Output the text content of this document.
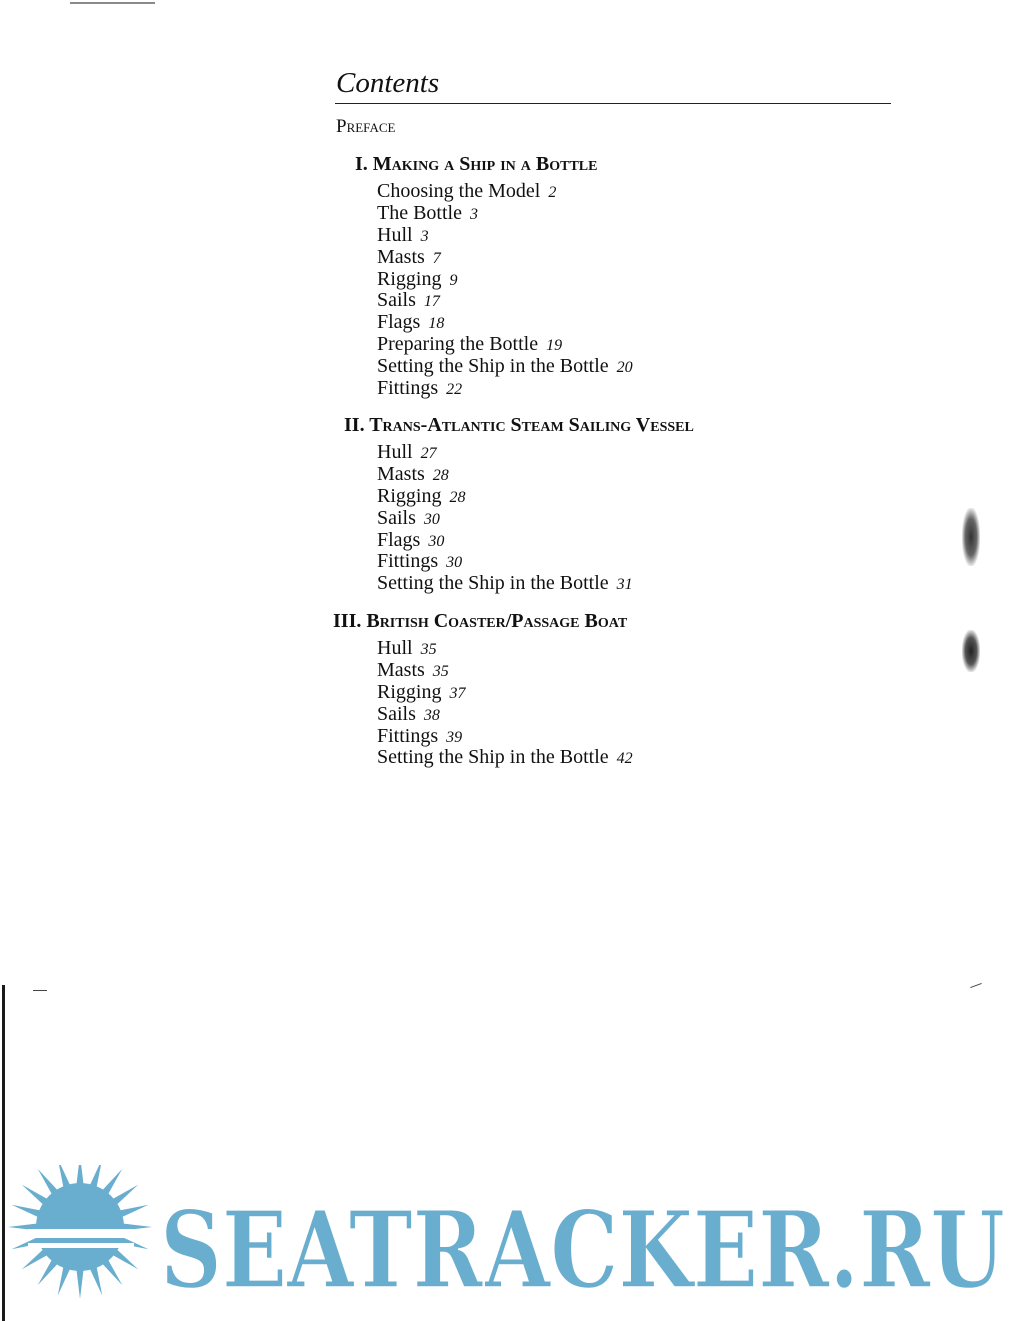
Contents

Preface

I. Making a Ship in a Bottle
Choosing the Model 2
The Bottle 3
Hull 3
Masts 7
Rigging 9
Sails 17
Flags 18
Preparing the Bottle 19
Setting the Ship in the Bottle 20
Fittings 22
II. Trans-Atlantic Steam Sailing Vessel
Hull 27
Masts 28
Rigging 28
Sails 30
Flags 30
Fittings 30
Setting the Ship in the Bottle 31
III. British Coaster/Passage Boat
Hull 35
Masts 35
Rigging 37
Sails 38
Fittings 39
Setting the Ship in the Bottle 42
SEATRACKER.RU
